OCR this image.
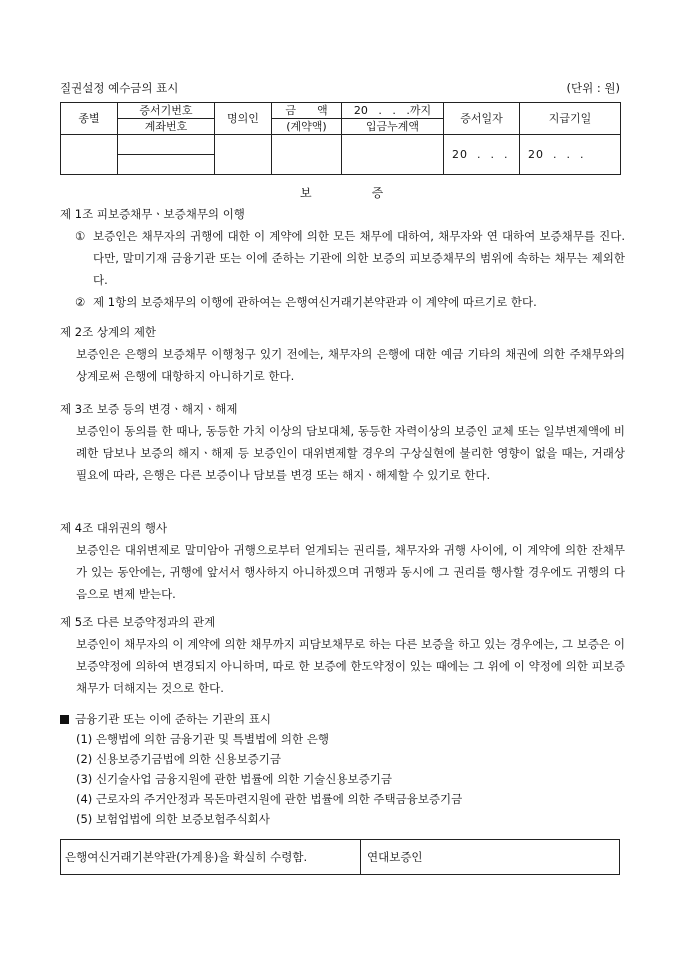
질권설정 예수금의 표시	(단위 : 원)
종별	증서기번호	명의인	금      액	20   .   .   .까지	증서일자	지급기일
	계좌번호		(계약액)	입금누계액		
					20  .  .  .	20  .  .  .

보	증
제 1조 피보증채무ㆍ보증채무의 이행
① 보증인은 채무자의 귀행에 대한 이 계약에 의한 모든 채무에 대하여, 채무자와 연 대하여 보증채무를 진다. 다만, 말미기재 금융기관 또는 이에 준하는 기관에 의한 보증의 피보증채무의 범위에 속하는 채무는 제외한다.
② 제 1항의 보증채무의 이행에 관하여는 은행여신거래기본약관과 이 계약에 따르기로 한다.
제 2조 상계의 제한
보증인은 은행의 보증채무 이행청구 있기 전에는, 채무자의 은행에 대한 예금 기타의 채권에 의한 주채무와의 상계로써 은행에 대항하지 아니하기로 한다.
제 3조 보증 등의 변경ㆍ해지ㆍ해제
보증인이 동의를 한 때나, 동등한 가치 이상의 담보대체, 동등한 자력이상의 보증인 교체 또는 일부변제액에 비례한 담보나 보증의 해지ㆍ해제 등 보증인이 대위변제할 경우의 구상실현에 불리한 영향이 없을 때는, 거래상 필요에 따라, 은행은 다른 보증이나 담보를 변경 또는 해지ㆍ해제할 수 있기로 한다.
제 4조 대위권의 행사
보증인은 대위변제로 말미암아 귀행으로부터 얻게되는 권리를, 채무자와 귀행 사이에, 이 계약에 의한 잔채무가 있는 동안에는, 귀행에 앞서서 행사하지 아니하겠으며 귀행과 동시에 그 권리를 행사할 경우에도 귀행의 다음으로 변제 받는다.
제 5조 다른 보증약정과의 관계
보증인이 채무자의 이 계약에 의한 채무까지 피담보채무로 하는 다른 보증을 하고 있는 경우에는, 그 보증은 이 보증약정에 의하여 변경되지 아니하며, 따로 한 보증에 한도약정이 있는 때에는 그 위에 이 약정에 의한 피보증채무가 더해지는 것으로 한다.
금융기관 또는 이에 준하는 기관의 표시
(1) 은행법에 의한 금융기관 및 특별법에 의한 은행
(2) 신용보증기금법에 의한 신용보증기금
(3) 신기술사업 금융지원에 관한 법률에 의한 기술신용보증기금
(4) 근로자의 주거안정과 목돈마련지원에 관한 법률에 의한 주택금융보증기금
(5) 보험업법에 의한 보증보험주식회사
은행여신거래기본약관(가계용)을 확실히 수령함.	연대보증인
